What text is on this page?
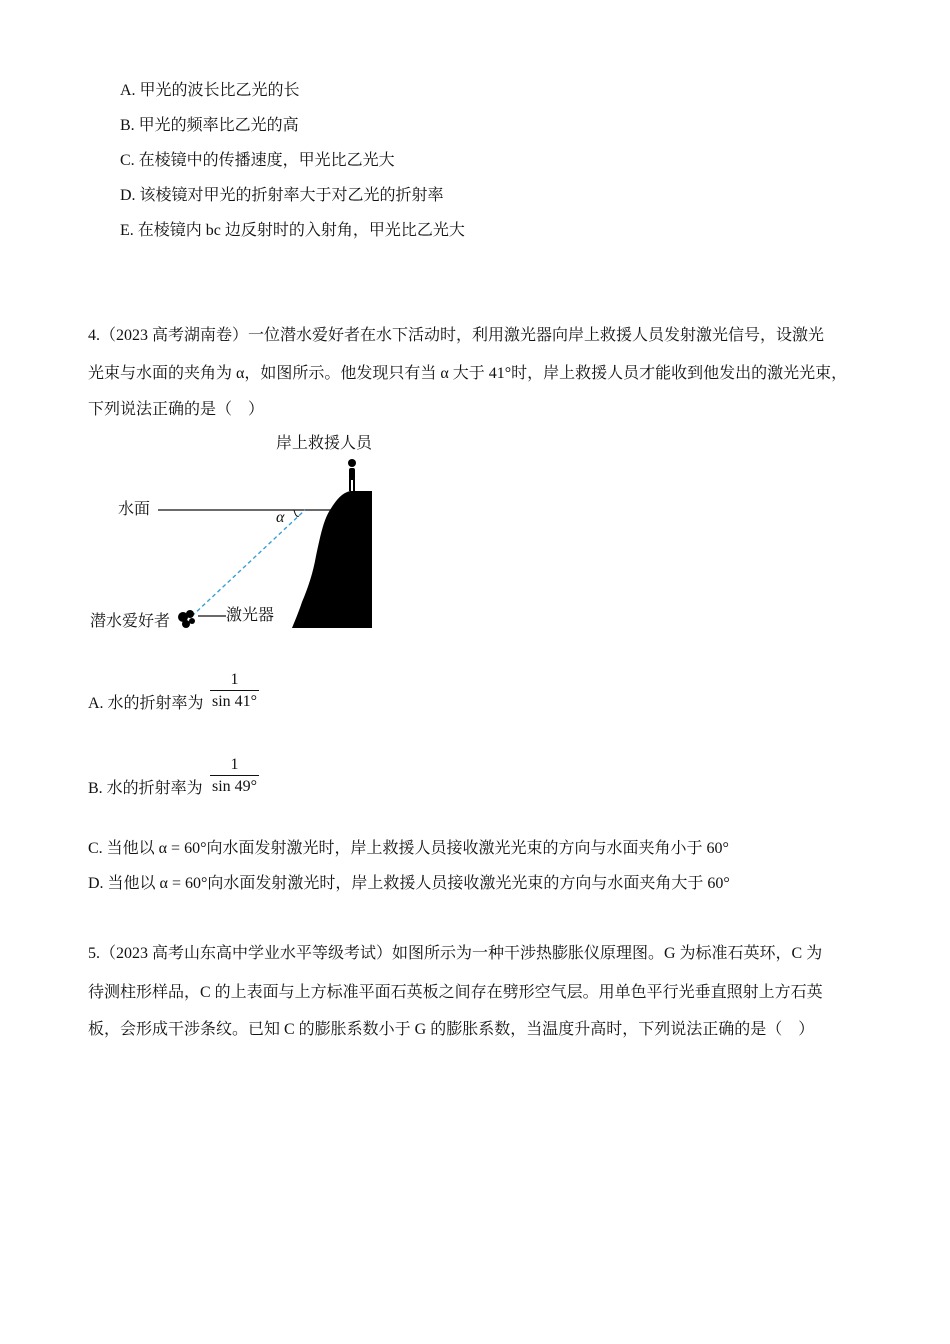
A. 甲光的波长比乙光的长
B. 甲光的频率比乙光的高
C. 在棱镜中的传播速度，甲光比乙光大
D. 该棱镜对甲光的折射率大于对乙光的折射率
E. 在棱镜内 bc 边反射时的入射角，甲光比乙光大
4.（2023 高考湖南卷）一位潜水爱好者在水下活动时，利用激光器向岸上救援人员发射激光信号，设激光
光束与水面的夹角为 α，如图所示。他发现只有当 α 大于 41°时，岸上救援人员才能收到他发出的激光光束，
下列说法正确的是（　）
岸上救援人员
水面	α
潜水爱好者	激光器
A. 水的折射率为 $\frac{1}{\sin 41^\circ}$
B. 水的折射率为 $\frac{1}{\sin 49^\circ}$
C. 当他以 α = 60°向水面发射激光时，岸上救援人员接收激光光束的方向与水面夹角小于 60°
D. 当他以 α = 60°向水面发射激光时，岸上救援人员接收激光光束的方向与水面夹角大于 60°
5.（2023 高考山东高中学业水平等级考试）如图所示为一种干涉热膨胀仪原理图。G 为标准石英环，C 为
待测柱形样品，C 的上表面与上方标准平面石英板之间存在劈形空气层。用单色平行光垂直照射上方石英
板，会形成干涉条纹。已知 C 的膨胀系数小于 G 的膨胀系数，当温度升高时，下列说法正确的是（　）
